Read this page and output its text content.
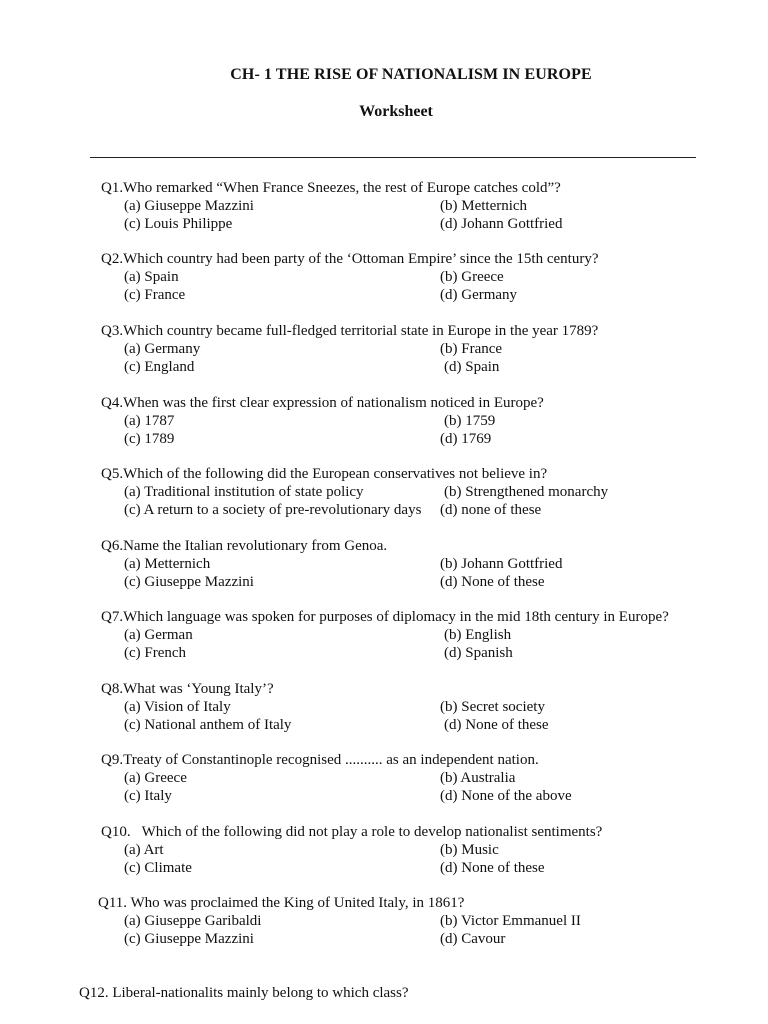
CH- 1 THE RISE OF NATIONALISM IN EUROPE
Worksheet
Q1.Who remarked “When France Sneezes, the rest of Europe catches cold”?
(a) Giuseppe Mazzini	(b) Metternich
(c) Louis Philippe	(d) Johann Gottfried
Q2.Which country had been party of the ‘Ottoman Empire’ since the 15th century?
(a) Spain	(b) Greece
(c) France	(d) Germany
Q3.Which country became full-fledged territorial state in Europe in the year 1789?
(a) Germany	(b) France
(c) England	(d) Spain
Q4.When was the first clear expression of nationalism noticed in Europe?
(a) 1787	(b) 1759
(c) 1789	(d) 1769
Q5.Which of the following did the European conservatives not believe in?
(a) Traditional institution of state policy	(b) Strengthened monarchy
(c) A return to a society of pre-revolutionary days (d) none of these
Q6.Name the Italian revolutionary from Genoa.
(a) Metternich	(b) Johann Gottfried
(c) Giuseppe Mazzini	(d) None of these
Q7.Which language was spoken for purposes of diplomacy in the mid 18th century in Europe?
(a) German	(b) English
(c) French	(d) Spanish
Q8.What was ‘Young Italy’?
(a) Vision of Italy	(b) Secret society
(c) National anthem of Italy	(d) None of these
Q9.Treaty of Constantinople recognised .......... as an independent nation.
(a) Greece	(b) Australia
(c) Italy	(d) None of the above
Q10. Which of the following did not play a role to develop nationalist sentiments?
(a) Art	(b) Music
(c) Climate	(d) None of these
Q11. Who was proclaimed the King of United Italy, in 1861?
(a) Giuseppe Garibaldi	(b) Victor Emmanuel II
(c) Giuseppe Mazzini	(d) Cavour
Q12. Liberal-nationalits mainly belong to which class?
